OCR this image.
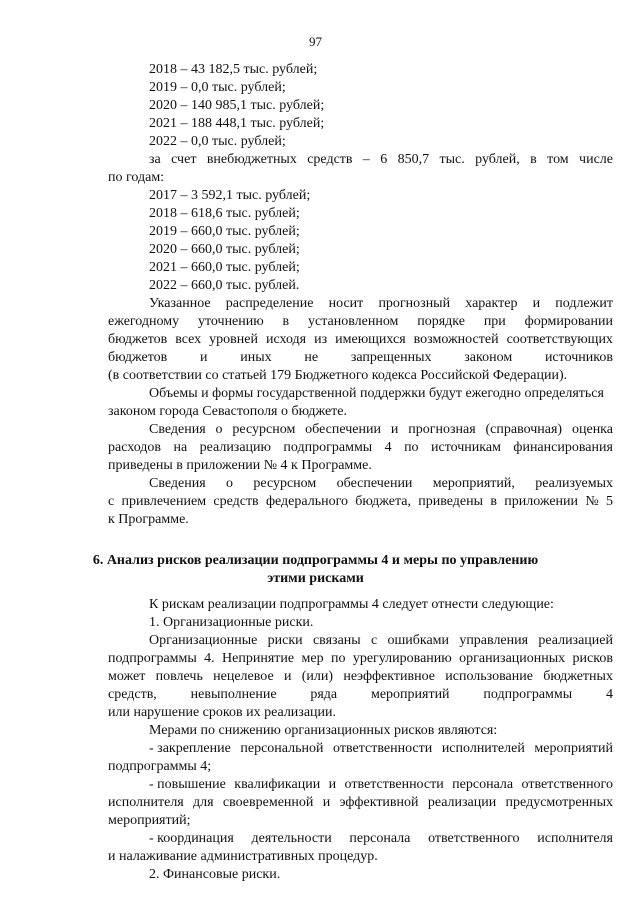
97
2018 – 43 182,5 тыс. рублей;
2019 – 0,0 тыс. рублей;
2020 – 140 985,1 тыс. рублей;
2021 – 188 448,1 тыс. рублей;
2022 – 0,0 тыс. рублей;
за счет внебюджетных средств – 6 850,7 тыс. рублей, в том числе
по годам:
2017 – 3 592,1 тыс. рублей;
2018 – 618,6 тыс. рублей;
2019 – 660,0 тыс. рублей;
2020 – 660,0 тыс. рублей;
2021 – 660,0 тыс. рублей;
2022 – 660,0 тыс. рублей.
Указанное распределение носит прогнозный характер и подлежит
ежегодному уточнению в установленном порядке при формировании
бюджетов всех уровней исходя из имеющихся возможностей соответствующих
бюджетов и иных не запрещенных законом источников
(в соответствии со статьей 179 Бюджетного кодекса Российской Федерации).
Объемы и формы государственной поддержки будут ежегодно определяться
законом города Севастополя о бюджете.
Сведения о ресурсном обеспечении и прогнозная (справочная) оценка
расходов на реализацию подпрограммы 4 по источникам финансирования
приведены в приложении № 4 к Программе.
Сведения о ресурсном обеспечении мероприятий, реализуемых
с привлечением средств федерального бюджета, приведены в приложении № 5
к Программе.
6. Анализ рисков реализации подпрограммы 4 и меры по управлению
этими рисками
К рискам реализации подпрограммы 4 следует отнести следующие:
1. Организационные риски.
Организационные риски связаны с ошибками управления реализацией
подпрограммы 4. Непринятие мер по урегулированию организационных рисков
может повлечь нецелевое и (или) неэффективное использование бюджетных
средств, невыполнение ряда мероприятий подпрограммы 4
или нарушение сроков их реализации.
Мерами по снижению организационных рисков являются:
- закрепление персональной ответственности исполнителей мероприятий
подпрограммы 4;
- повышение квалификации и ответственности персонала ответственного
исполнителя для своевременной и эффективной реализации предусмотренных
мероприятий;
- координация деятельности персонала ответственного исполнителя
и налаживание административных процедур.
2. Финансовые риски.
